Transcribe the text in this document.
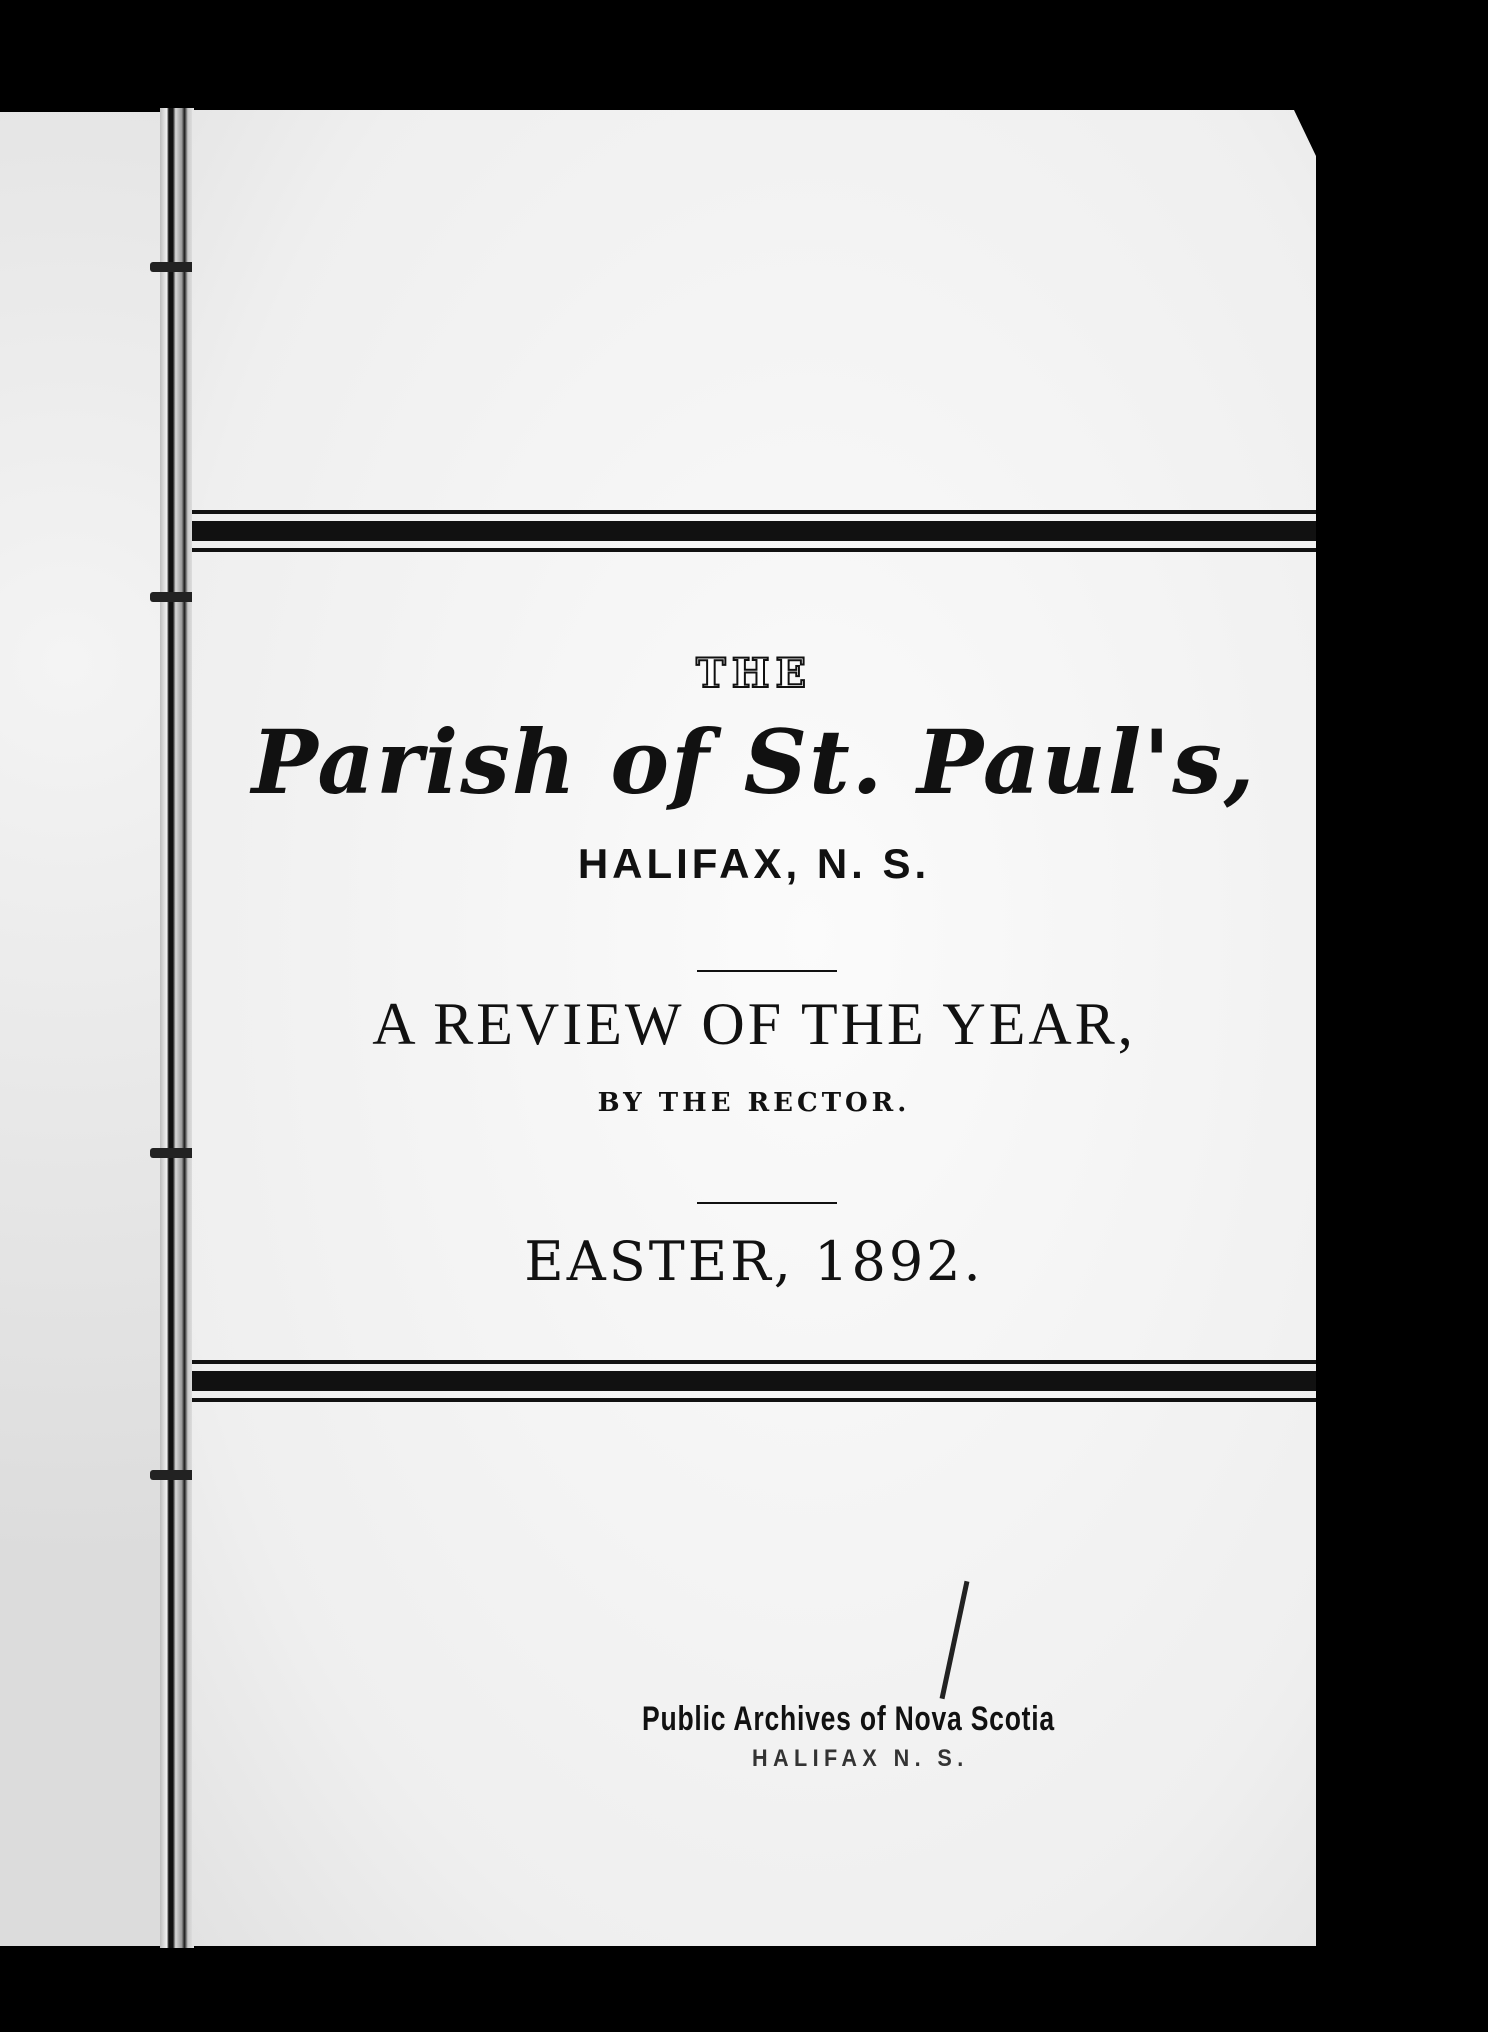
THE
Parish of St. Paul's,
HALIFAX, N. S.
A REVIEW OF THE YEAR,
BY THE RECTOR.
EASTER, 1892.
Public Archives of Nova Scotia
HALIFAX N. S.
